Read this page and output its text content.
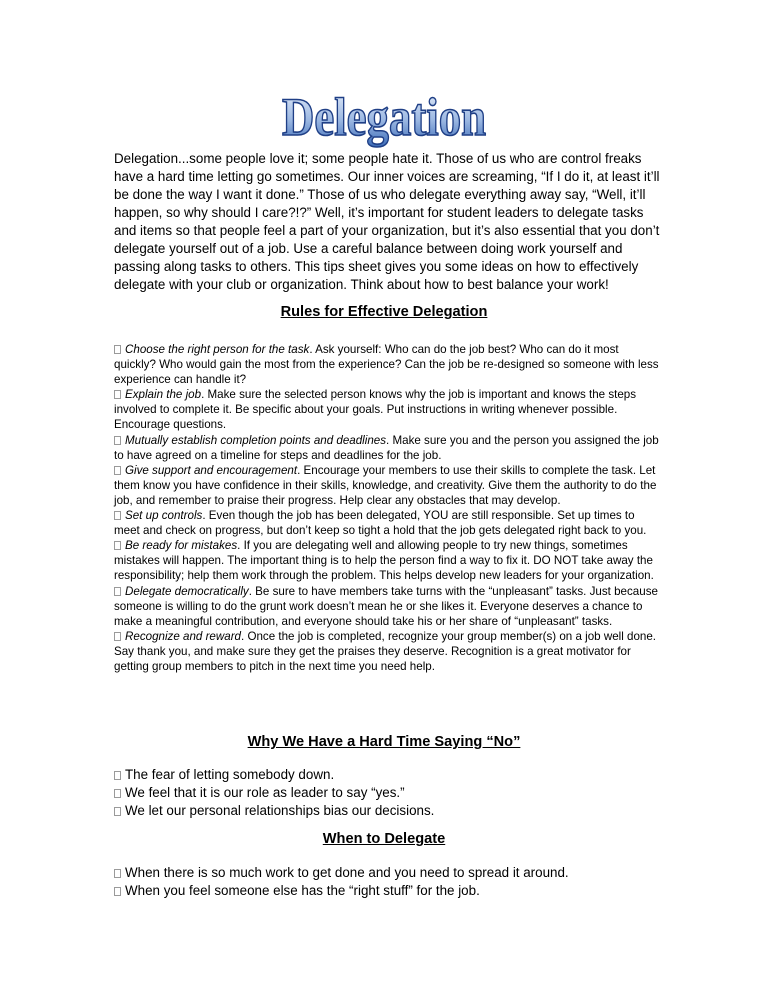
Delegation

Delegation...some people love it; some people hate it. Those of us who are control freaks have a hard time letting go sometimes. Our inner voices are screaming, “If I do it, at least it’ll be done the way I want it done.” Those of us who delegate everything away say, “Well, it’ll happen, so why should I care?!?” Well, it’s important for student leaders to delegate tasks and items so that people feel a part of your organization, but it’s also essential that you don’t delegate yourself out of a job. Use a careful balance between doing work yourself and passing along tasks to others. This tips sheet gives you some ideas on how to effectively delegate with your club or organization. Think about how to best balance your work!

Rules for Effective Delegation

Choose the right person for the task. Ask yourself: Who can do the job best? Who can do it most quickly? Who would gain the most from the experience? Can the job be re-designed so someone with less experience can handle it?

Explain the job. Make sure the selected person knows why the job is important and knows the steps involved to complete it. Be specific about your goals. Put instructions in writing whenever possible. Encourage questions.

Mutually establish completion points and deadlines. Make sure you and the person you assigned the job to have agreed on a timeline for steps and deadlines for the job.

Give support and encouragement. Encourage your members to use their skills to complete the task. Let them know you have confidence in their skills, knowledge, and creativity. Give them the authority to do the job, and remember to praise their progress. Help clear any obstacles that may develop.

Set up controls. Even though the job has been delegated, YOU are still responsible. Set up times to meet and check on progress, but don’t keep so tight a hold that the job gets delegated right back to you.

Be ready for mistakes. If you are delegating well and allowing people to try new things, sometimes mistakes will happen. The important thing is to help the person find a way to fix it. DO NOT take away the responsibility; help them work through the problem. This helps develop new leaders for your organization.

Delegate democratically. Be sure to have members take turns with the “unpleasant” tasks. Just because someone is willing to do the grunt work doesn’t mean he or she likes it. Everyone deserves a chance to make a meaningful contribution, and everyone should take his or her share of “unpleasant” tasks.

Recognize and reward. Once the job is completed, recognize your group member(s) on a job well done. Say thank you, and make sure they get the praises they deserve. Recognition is a great motivator for getting group members to pitch in the next time you need help.

Why We Have a Hard Time Saying “No”

The fear of letting somebody down.

We feel that it is our role as leader to say “yes.”

We let our personal relationships bias our decisions.

When to Delegate

When there is so much work to get done and you need to spread it around.

When you feel someone else has the “right stuff” for the job.
